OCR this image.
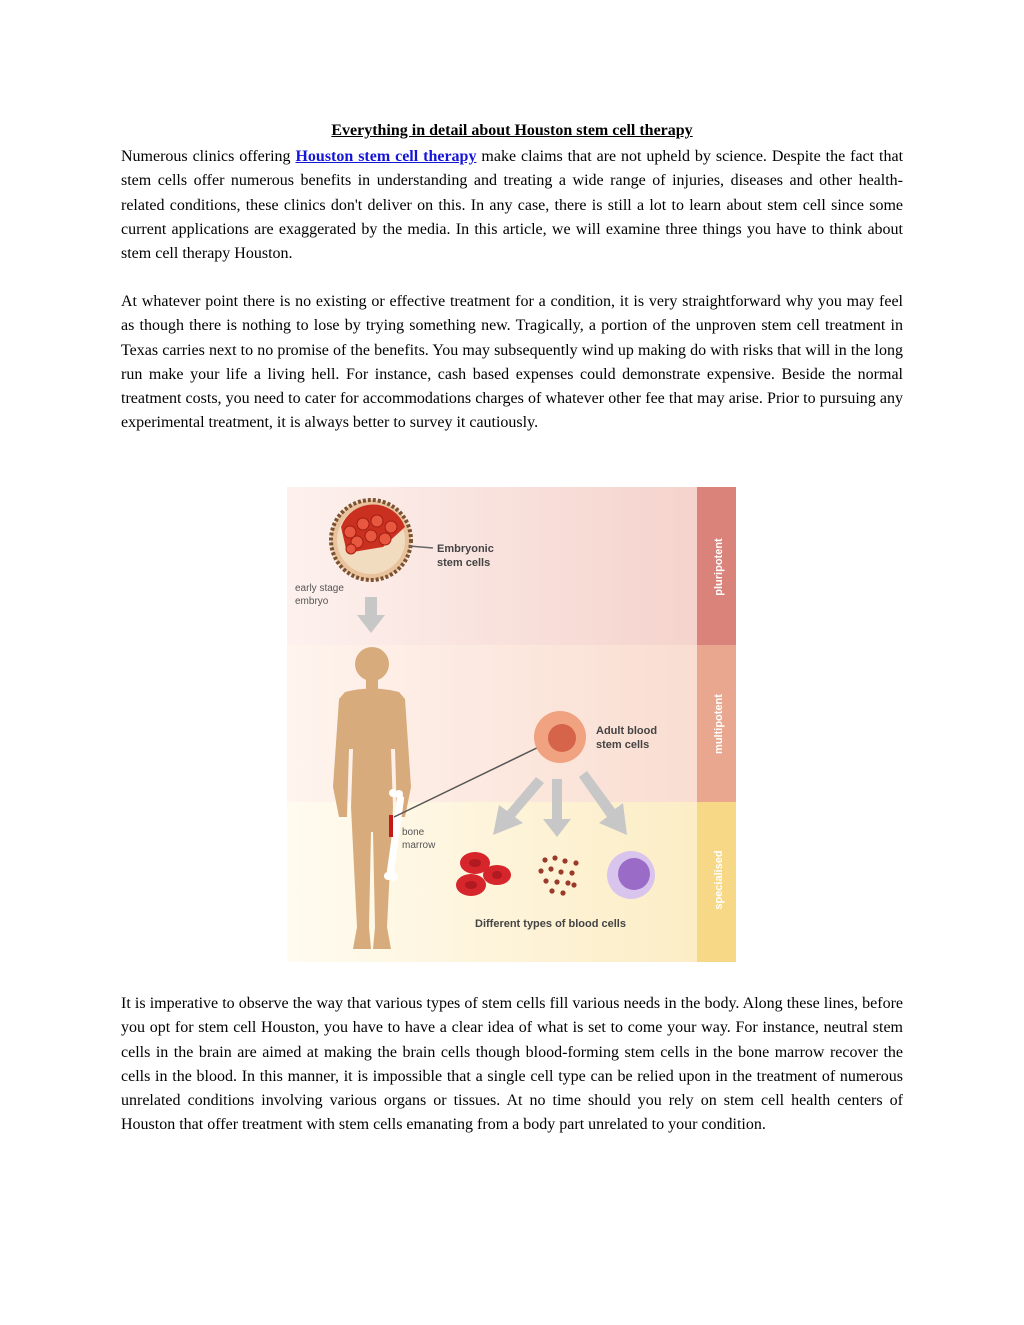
Everything in detail about Houston stem cell therapy

Numerous clinics offering Houston stem cell therapy make claims that are not upheld by science. Despite the fact that stem cells offer numerous benefits in understanding and treating a wide range of injuries, diseases and other health-related conditions, these clinics don't deliver on this. In any case, there is still a lot to learn about stem cell since some current applications are exaggerated by the media. In this article, we will examine three things you have to think about stem cell therapy Houston.

At whatever point there is no existing or effective treatment for a condition, it is very straightforward why you may feel as though there is nothing to lose by trying something new. Tragically, a portion of the unproven stem cell treatment in Texas carries next to no promise of the benefits. You may subsequently wind up making do with risks that will in the long run make your life a living hell. For instance, cash based expenses could demonstrate expensive. Beside the normal treatment costs, you need to cater for accommodations charges of whatever other fee that may arise. Prior to pursuing any experimental treatment, it is always better to survey it cautiously.

pluripotent
multipotent
specialised
Embryonic
stem cells
early stage
embryo
bone
marrow
Adult blood
stem cells
Different types of blood cells

It is imperative to observe the way that various types of stem cells fill various needs in the body. Along these lines, before you opt for stem cell Houston, you have to have a clear idea of what is set to come your way. For instance, neutral stem cells in the brain are aimed at making the brain cells though blood-forming stem cells in the bone marrow recover the cells in the blood. In this manner, it is impossible that a single cell type can be relied upon in the treatment of numerous unrelated conditions involving various organs or tissues. At no time should you rely on stem cell health centers of Houston that offer treatment with stem cells emanating from a body part unrelated to your condition.
